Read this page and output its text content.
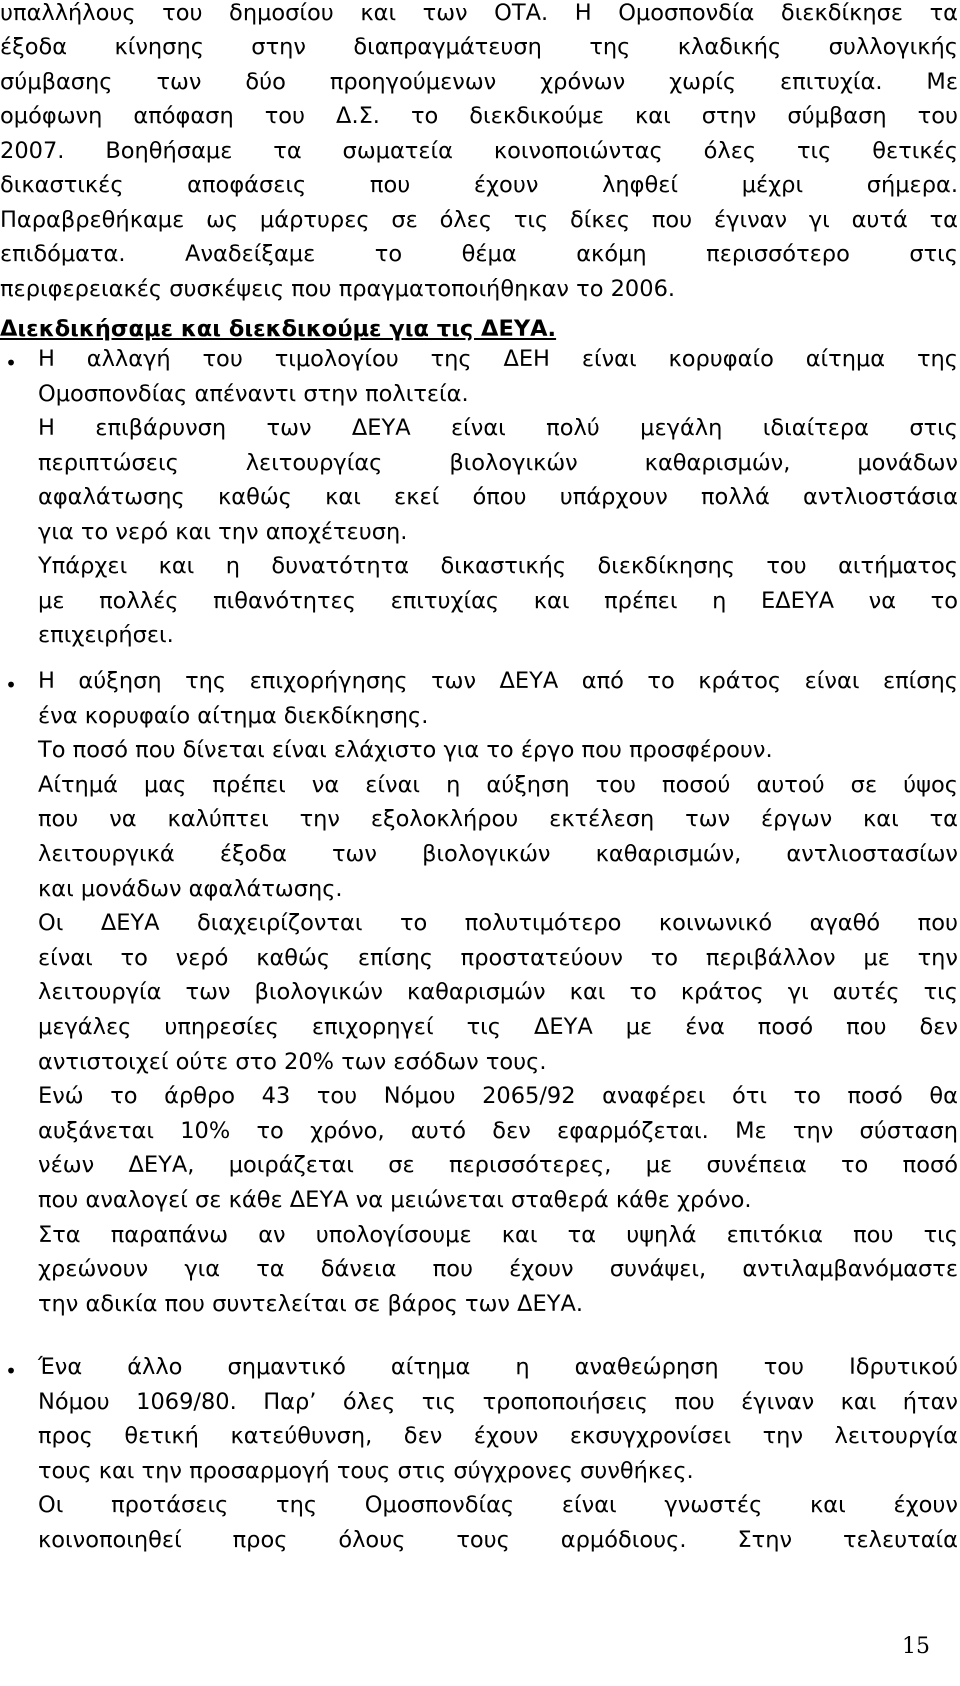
υπαλλήλους του δημοσίου και των ΟΤΑ. Η Ομοσπονδία διεκδίκησε τα
έξοδα κίνησης στην διαπραγμάτευση της κλαδικής συλλογικής
σύμβασης των δύο προηγούμενων χρόνων χωρίς επιτυχία. Με
ομόφωνη απόφαση του Δ.Σ. το διεκδικούμε και στην σύμβαση του
2007. Βοηθήσαμε τα σωματεία κοινοποιώντας όλες τις θετικές
δικαστικές αποφάσεις που έχουν ληφθεί μέχρι σήμερα.
Παραβρεθήκαμε ως μάρτυρες σε όλες τις δίκες που έγιναν γι αυτά τα
επιδόματα. Αναδείξαμε το θέμα ακόμη περισσότερο στις
περιφερειακές συσκέψεις που πραγματοποιήθηκαν το 2006.
Διεκδικήσαμε και διεκδικούμε για τις ΔΕΥΑ.
• Η αλλαγή του τιμολογίου της ΔΕΗ είναι κορυφαίο αίτημα της
Ομοσπονδίας απέναντι στην πολιτεία.
Η επιβάρυνση των ΔΕΥΑ είναι πολύ μεγάλη ιδιαίτερα στις
περιπτώσεις λειτουργίας βιολογικών καθαρισμών, μονάδων
αφαλάτωσης καθώς και εκεί όπου υπάρχουν πολλά αντλιοστάσια
για το νερό και την αποχέτευση.
Υπάρχει και η δυνατότητα δικαστικής διεκδίκησης του αιτήματος
με πολλές πιθανότητες επιτυχίας και πρέπει η ΕΔΕΥΑ να το
επιχειρήσει.
• Η αύξηση της επιχορήγησης των ΔΕΥΑ από το κράτος είναι επίσης
ένα κορυφαίο αίτημα διεκδίκησης.
Το ποσό που δίνεται είναι ελάχιστο για το έργο που προσφέρουν.
Αίτημά μας πρέπει να είναι η αύξηση του ποσού αυτού σε ύψος
που να καλύπτει την εξολοκλήρου εκτέλεση των έργων και τα
λειτουργικά έξοδα των βιολογικών καθαρισμών, αντλιοστασίων
και μονάδων αφαλάτωσης.
Οι ΔΕΥΑ διαχειρίζονται το πολυτιμότερο κοινωνικό αγαθό που
είναι το νερό καθώς επίσης προστατεύουν το περιβάλλον με την
λειτουργία των βιολογικών καθαρισμών και το κράτος γι αυτές τις
μεγάλες υπηρεσίες επιχορηγεί τις ΔΕΥΑ με ένα ποσό που δεν
αντιστοιχεί ούτε στο 20% των εσόδων τους.
Ενώ το άρθρο 43 του Νόμου 2065/92 αναφέρει ότι το ποσό θα
αυξάνεται 10% το χρόνο, αυτό δεν εφαρμόζεται. Με την σύσταση
νέων ΔΕΥΑ, μοιράζεται σε περισσότερες, με συνέπεια το ποσό
που αναλογεί σε κάθε ΔΕΥΑ να μειώνεται σταθερά κάθε χρόνο.
Στα παραπάνω αν υπολογίσουμε και τα υψηλά επιτόκια που τις
χρεώνουν για τα δάνεια που έχουν συνάψει, αντιλαμβανόμαστε
την αδικία που συντελείται σε βάρος των ΔΕΥΑ.
• Ένα άλλο σημαντικό αίτημα η αναθεώρηση του Ιδρυτικού
Νόμου 1069/80. Παρ’ όλες τις τροποποιήσεις που έγιναν και ήταν
προς θετική κατεύθυνση, δεν έχουν εκσυγχρονίσει την λειτουργία
τους και την προσαρμογή τους στις σύγχρονες συνθήκες.
Οι προτάσεις της Ομοσπονδίας είναι γνωστές και έχουν
κοινοποιηθεί προς όλους τους αρμόδιους. Στην τελευταία
15
